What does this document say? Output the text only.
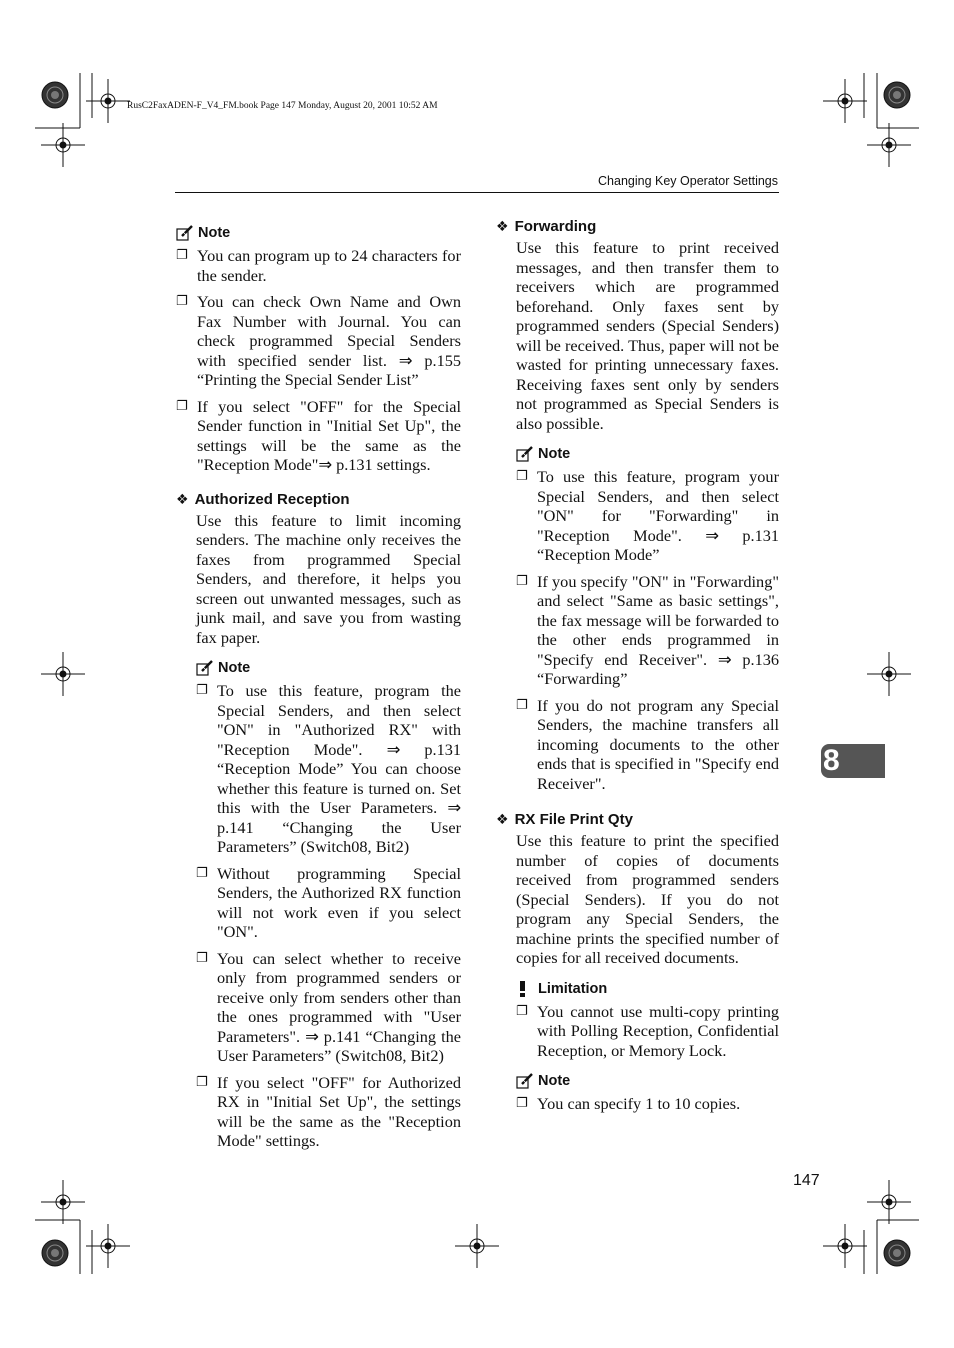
RusC2FaxADEN-F_V4_FM.book Page 147 Monday, August 20, 2001 10:52 AM
Changing Key Operator Settings
Note
❐ You can program up to 24 characters for the sender.
❐ You can check Own Name and Own Fax Number with Journal. You can check programmed Special Senders with specified sender list. ⇒ p.155 “Printing the Special Sender List”
❐ If you select "OFF" for the Special Sender function in "Initial Set Up", the settings will be the same as the "Reception Mode"⇒ p.131 settings.
❖ Authorized Reception
Use this feature to limit incoming senders. The machine only receives the faxes from programmed Special Senders, and therefore, it helps you screen out unwanted messages, such as junk mail, and save you from wasting fax paper.
Note
❐ To use this feature, program the Special Senders, and then select "ON" in "Authorized RX" with "Reception Mode". ⇒ p.131 “Reception Mode” You can choose whether this feature is turned on. Set this with the User Parameters. ⇒ p.141 “Changing the User Parameters” (Switch08, Bit2)
❐ Without programming Special Senders, the Authorized RX function will not work even if you select "ON".
❐ You can select whether to receive only from programmed senders or receive only from senders other than the ones programmed with "User Parameters". ⇒ p.141 “Changing the User Parameters” (Switch08, Bit2)
❐ If you select "OFF" for Authorized RX in "Initial Set Up", the settings will be the same as the "Reception Mode" settings.
❖ Forwarding
Use this feature to print received messages, and then transfer them to receivers which are programmed beforehand. Only faxes sent by programmed senders (Special Senders) will be received. Thus, paper will not be wasted for printing unnecessary faxes. Receiving faxes sent only by senders not programmed as Special Senders is also possible.
Note
❐ To use this feature, program your Special Senders, and then select "ON" for "Forwarding" in "Reception Mode". ⇒ p.131 “Reception Mode”
❐ If you specify "ON" in "Forwarding" and select "Same as basic settings", the fax message will be forwarded to the other ends programmed in "Specify end Receiver". ⇒ p.136 “Forwarding”
❐ If you do not program any Special Senders, the machine transfers all incoming documents to the other ends that is specified in "Specify end Receiver".
❖ RX File Print Qty
Use this feature to print the specified number of copies of documents received from programmed senders (Special Senders). If you do not program any Special Senders, the machine prints the specified number of copies for all received documents.
Limitation
❐ You cannot use multi-copy printing with Polling Reception, Confidential Reception, or Memory Lock.
Note
❐ You can specify 1 to 10 copies.
8
147
